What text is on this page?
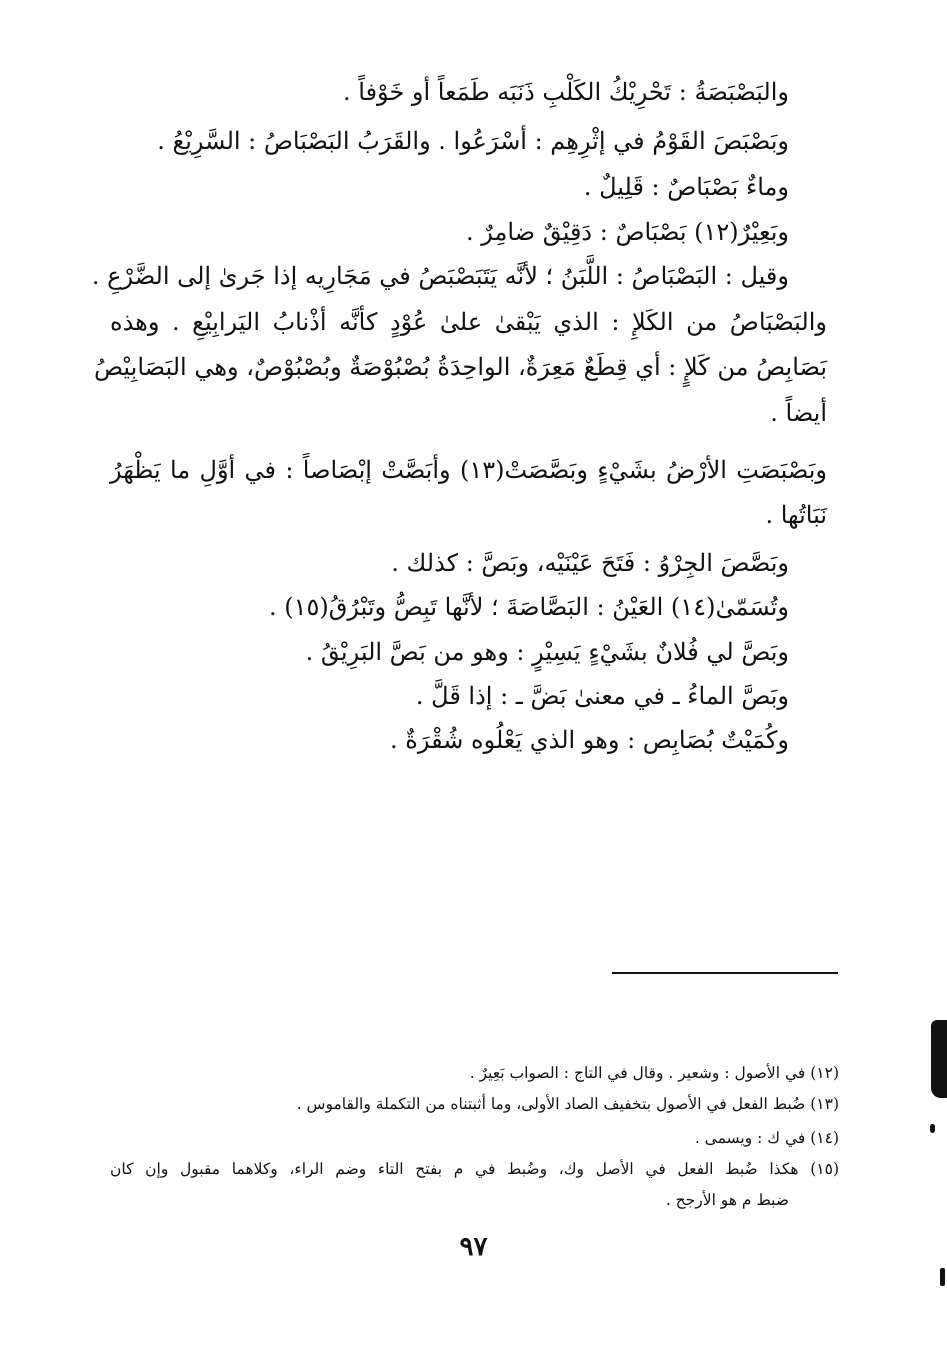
والبَصْبَصَةُ : تَحْرِيْكُ الكَلْبِ ذَنَبَه طَمَعاً أو خَوْفاً .
وبَصْبَصَ القَوْمُ في إثْرِهِم : أسْرَعُوا . والقَرَبُ البَصْبَاصُ : السَّرِيْعُ .
وماءٌ بَصْبَاصٌ : قَلِيلٌ .
وبَعِيْرٌ(١٢) بَصْبَاصٌ : دَقِيْقٌ ضامِرٌ .
وقيل : البَصْبَاصُ : اللَّبَنُ ؛ لأنَّه يَتَبَصْبَصُ في مَجَارِيه إذا جَرىٰ إلى الضَّرْعِ .
والبَصْبَاصُ من الكَلإِ : الذي يَبْقىٰ علىٰ عُوْدٍ كأنَّه أذْنابُ اليَرابِيْعِ . وهذه
بَصَابِصُ من كَلإٍ : أي قِطَعٌ مَعِرَةٌ، الواحِدَةُ بُصْبُوْصَةٌ وبُصْبُوْصٌ، وهي البَصَابِيْصُ
أيضاً .
وبَصْبَصَتِ الأرْضُ بشَيْءٍ وبَصَّصَتْ(١٣) وأبَصَّتْ إبْصَاصاً : في أوَّلِ ما يَظْهَرُ
نَبَاتُها .
وبَصَّصَ الجِرْوُ : فَتَحَ عَيْنَيْه، وبَصَّ : كذلك .
وتُسَمّىٰ(١٤) العَيْنُ : البَصَّاصَةَ ؛ لأنَّها تَبِصُّ وتَبْرُقُ(١٥) .
وبَصَّ لي فُلانٌ بشَيْءٍ يَسِيْرٍ : وهو من بَصَّ البَرِيْقُ .
وبَصَّ الماءُ ـ في معنىٰ بَضَّ ـ : إذا قَلَّ .
وكُمَيْتٌ بُصَابِص : وهو الذي يَعْلُوه شُقْرَةٌ .
(١٢) في الأصول : وشعير . وقال في التاج : الصواب بَعِيرٌ .
(١٣) ضُبط الفعل في الأصول بتخفيف الصاد الأولى، وما أثبتناه من التكملة والقاموس .
(١٤) في ك : ويسمى .
(١٥) هكذا ضُبط الفعل في الأصل وك، وضُبط في م بفتح التاء وضم الراء، وكلاهما مقبول وإن كان
ضبط م هو الأرجح .
٩٧
